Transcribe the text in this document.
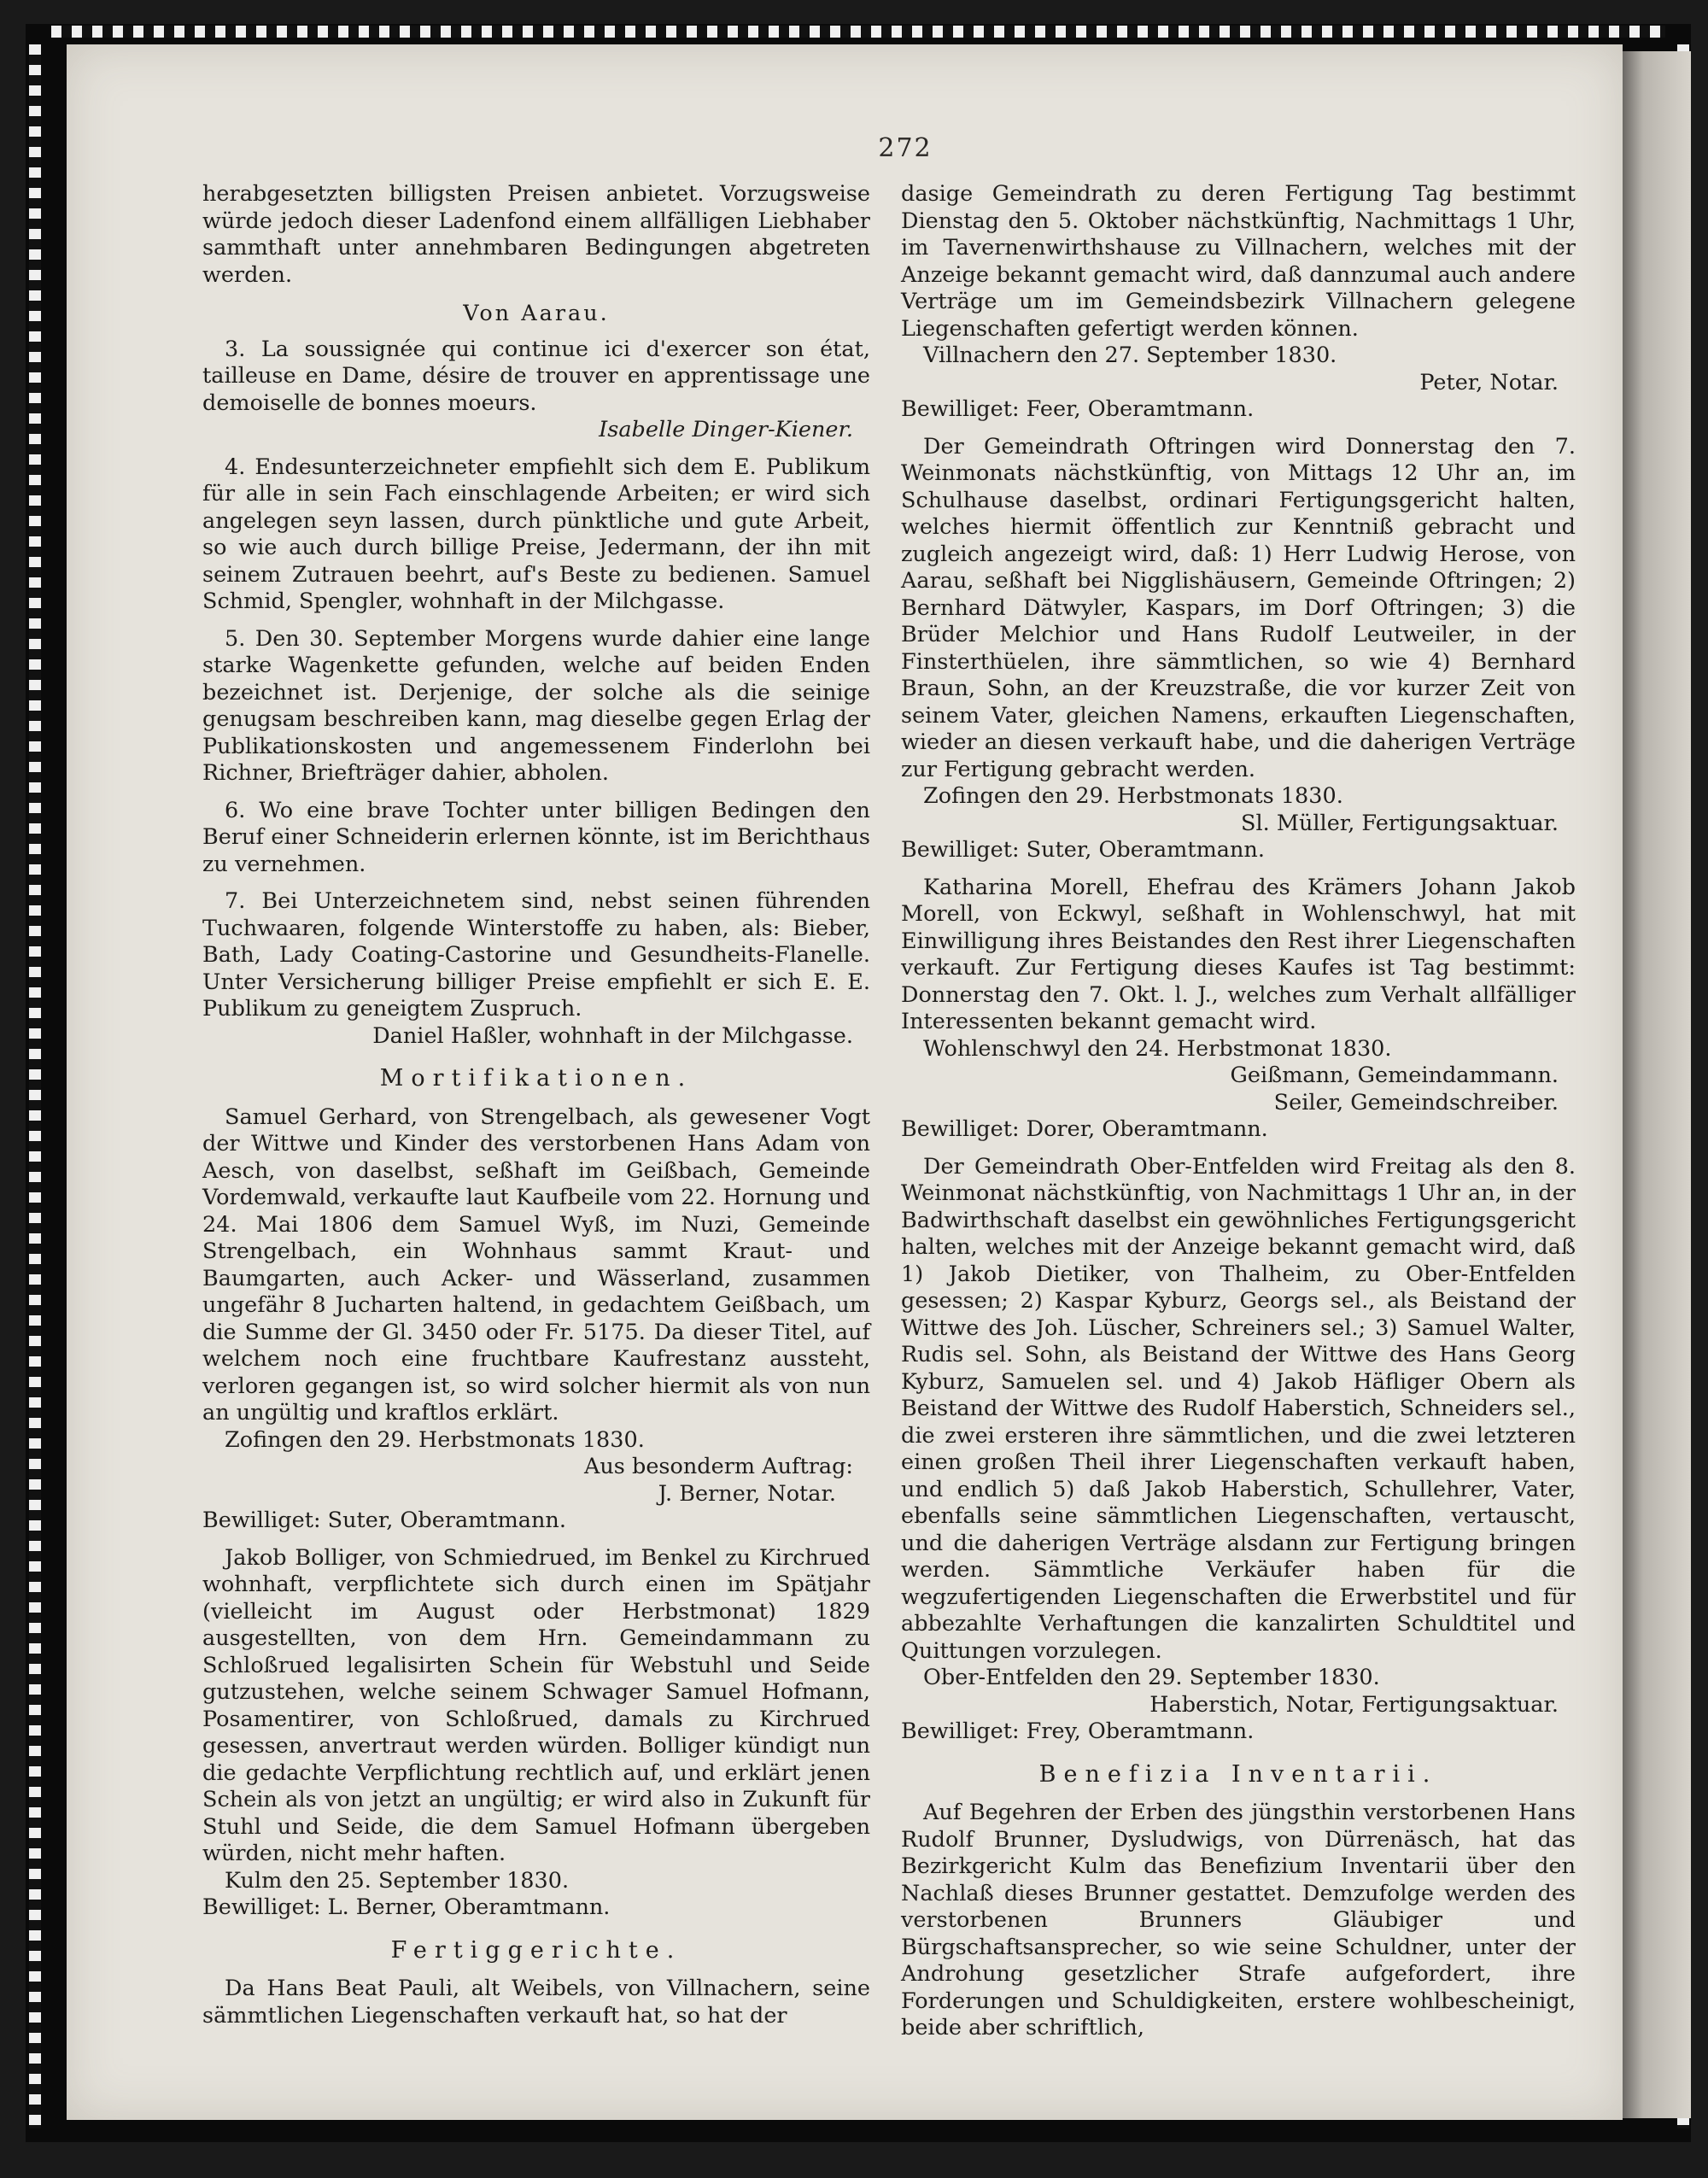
272

herabgesetzten billigsten Preisen anbietet. Vorzugsweise würde jedoch dieser Ladenfond einem allfälligen Liebhaber sammthaft unter annehmbaren Bedingungen abgetreten werden.

Von Aarau.

3. La soussignée qui continue ici d'exercer son état, tailleuse en Dame, désire de trouver en apprentissage une demoiselle de bonnes moeurs.

Isabelle Dinger-Kiener.

4. Endesunterzeichneter empfiehlt sich dem E. Publikum für alle in sein Fach einschlagende Arbeiten; er wird sich angelegen seyn lassen, durch pünktliche und gute Arbeit, so wie auch durch billige Preise, Jedermann, der ihn mit seinem Zutrauen beehrt, auf's Beste zu bedienen. Samuel Schmid, Spengler, wohnhaft in der Milchgasse.

5. Den 30. September Morgens wurde dahier eine lange starke Wagenkette gefunden, welche auf beiden Enden bezeichnet ist. Derjenige, der solche als die seinige genugsam beschreiben kann, mag dieselbe gegen Erlag der Publikationskosten und angemessenem Finderlohn bei Richner, Briefträger dahier, abholen.

6. Wo eine brave Tochter unter billigen Bedingen den Beruf einer Schneiderin erlernen könnte, ist im Berichthaus zu vernehmen.

7. Bei Unterzeichnetem sind, nebst seinen führenden Tuchwaaren, folgende Winterstoffe zu haben, als: Bieber, Bath, Lady Coating-Castorine und Gesundheits-Flanelle. Unter Versicherung billiger Preise empfiehlt er sich E. E. Publikum zu geneigtem Zuspruch.

Daniel Haßler, wohnhaft in der Milchgasse.

Mortifikationen.

Samuel Gerhard, von Strengelbach, als gewesener Vogt der Wittwe und Kinder des verstorbenen Hans Adam von Aesch, von daselbst, seßhaft im Geißbach, Gemeinde Vordemwald, verkaufte laut Kaufbeile vom 22. Hornung und 24. Mai 1806 dem Samuel Wyß, im Nuzi, Gemeinde Strengelbach, ein Wohnhaus sammt Kraut- und Baumgarten, auch Acker- und Wässerland, zusammen ungefähr 8 Jucharten haltend, in gedachtem Geißbach, um die Summe der Gl. 3450 oder Fr. 5175. Da dieser Titel, auf welchem noch eine fruchtbare Kaufrestanz aussteht, verloren gegangen ist, so wird solcher hiermit als von nun an ungültig und kraftlos erklärt.

Zofingen den 29. Herbstmonats 1830.

Aus besonderm Auftrag:

J. Berner, Notar.

Bewilliget: Suter, Oberamtmann.

Jakob Bolliger, von Schmiedrued, im Benkel zu Kirchrued wohnhaft, verpflichtete sich durch einen im Spätjahr (vielleicht im August oder Herbstmonat) 1829 ausgestellten, von dem Hrn. Gemeindammann zu Schloßrued legalisirten Schein für Webstuhl und Seide gutzustehen, welche seinem Schwager Samuel Hofmann, Posamentirer, von Schloßrued, damals zu Kirchrued gesessen, anvertraut werden würden. Bolliger kündigt nun die gedachte Verpflichtung rechtlich auf, und erklärt jenen Schein als von jetzt an ungültig; er wird also in Zukunft für Stuhl und Seide, die dem Samuel Hofmann übergeben würden, nicht mehr haften.

Kulm den 25. September 1830.

Bewilliget: L. Berner, Oberamtmann.

Fertiggerichte.

Da Hans Beat Pauli, alt Weibels, von Villnachern, seine sämmtlichen Liegenschaften verkauft hat, so hat der

dasige Gemeindrath zu deren Fertigung Tag bestimmt Dienstag den 5. Oktober nächstkünftig, Nachmittags 1 Uhr, im Tavernenwirthshause zu Villnachern, welches mit der Anzeige bekannt gemacht wird, daß dannzumal auch andere Verträge um im Gemeindsbezirk Villnachern gelegene Liegenschaften gefertigt werden können.

Villnachern den 27. September 1830.

Peter, Notar.

Bewilliget: Feer, Oberamtmann.

Der Gemeindrath Oftringen wird Donnerstag den 7. Weinmonats nächstkünftig, von Mittags 12 Uhr an, im Schulhause daselbst, ordinari Fertigungsgericht halten, welches hiermit öffentlich zur Kenntniß gebracht und zugleich angezeigt wird, daß: 1) Herr Ludwig Herose, von Aarau, seßhaft bei Nigglishäusern, Gemeinde Oftringen; 2) Bernhard Dätwyler, Kaspars, im Dorf Oftringen; 3) die Brüder Melchior und Hans Rudolf Leutweiler, in der Finsterthüelen, ihre sämmtlichen, so wie 4) Bernhard Braun, Sohn, an der Kreuzstraße, die vor kurzer Zeit von seinem Vater, gleichen Namens, erkauften Liegenschaften, wieder an diesen verkauft habe, und die daherigen Verträge zur Fertigung gebracht werden.

Zofingen den 29. Herbstmonats 1830.

Sl. Müller, Fertigungsaktuar.

Bewilliget: Suter, Oberamtmann.

Katharina Morell, Ehefrau des Krämers Johann Jakob Morell, von Eckwyl, seßhaft in Wohlenschwyl, hat mit Einwilligung ihres Beistandes den Rest ihrer Liegenschaften verkauft. Zur Fertigung dieses Kaufes ist Tag bestimmt: Donnerstag den 7. Okt. l. J., welches zum Verhalt allfälliger Interessenten bekannt gemacht wird.

Wohlenschwyl den 24. Herbstmonat 1830.

Geißmann, Gemeindammann.

Seiler, Gemeindschreiber.

Bewilliget: Dorer, Oberamtmann.

Der Gemeindrath Ober-Entfelden wird Freitag als den 8. Weinmonat nächstkünftig, von Nachmittags 1 Uhr an, in der Badwirthschaft daselbst ein gewöhnliches Fertigungsgericht halten, welches mit der Anzeige bekannt gemacht wird, daß 1) Jakob Dietiker, von Thalheim, zu Ober-Entfelden gesessen; 2) Kaspar Kyburz, Georgs sel., als Beistand der Wittwe des Joh. Lüscher, Schreiners sel.; 3) Samuel Walter, Rudis sel. Sohn, als Beistand der Wittwe des Hans Georg Kyburz, Samuelen sel. und 4) Jakob Häfliger Obern als Beistand der Wittwe des Rudolf Haberstich, Schneiders sel., die zwei ersteren ihre sämmtlichen, und die zwei letzteren einen großen Theil ihrer Liegenschaften verkauft haben, und endlich 5) daß Jakob Haberstich, Schullehrer, Vater, ebenfalls seine sämmtlichen Liegenschaften, vertauscht, und die daherigen Verträge alsdann zur Fertigung bringen werden. Sämmtliche Verkäufer haben für die wegzufertigenden Liegenschaften die Erwerbstitel und für abbezahlte Verhaftungen die kanzalirten Schuldtitel und Quittungen vorzulegen.

Ober-Entfelden den 29. September 1830.

Haberstich, Notar, Fertigungsaktuar.

Bewilliget: Frey, Oberamtmann.

Benefizia Inventarii.

Auf Begehren der Erben des jüngsthin verstorbenen Hans Rudolf Brunner, Dysludwigs, von Dürrenäsch, hat das Bezirkgericht Kulm das Benefizium Inventarii über den Nachlaß dieses Brunner gestattet. Demzufolge werden des verstorbenen Brunners Gläubiger und Bürgschaftsansprecher, so wie seine Schuldner, unter der Androhung gesetzlicher Strafe aufgefordert, ihre Forderungen und Schuldigkeiten, erstere wohlbescheinigt, beide aber schriftlich,
